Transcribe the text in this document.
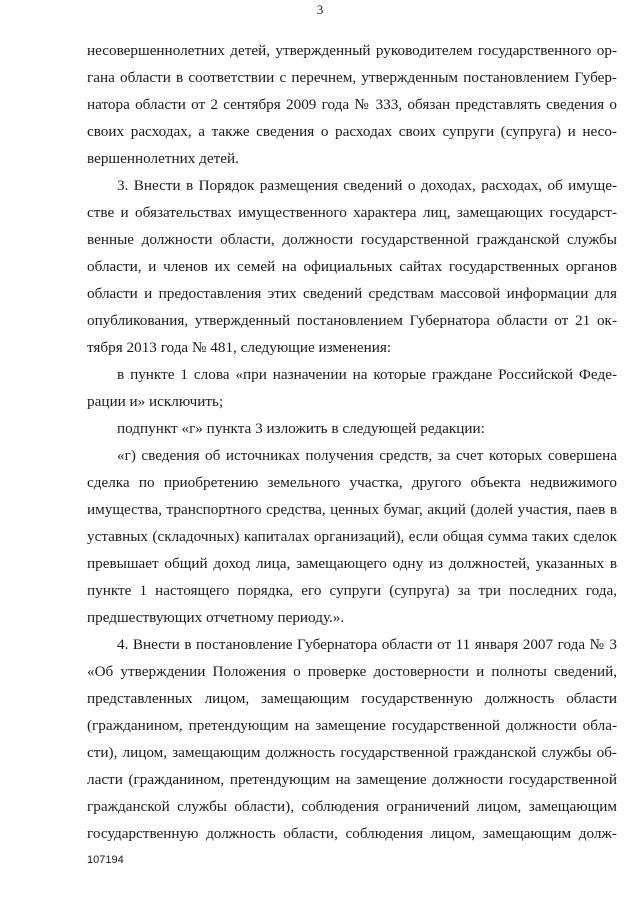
3
несовершеннолетних детей, утвержденный руководителем государственного ор-
гана области в соответствии с перечнем, утвержденным постановлением Губер-
натора области от 2 сентября 2009 года № 333, обязан представлять сведения о
своих расходах, а также сведения о расходах своих супруги (супруга) и несо-
вершеннолетних детей.
3. Внести в Порядок размещения сведений о доходах, расходах, об имуще-
стве и обязательствах имущественного характера лиц, замещающих государст-
венные должности области, должности государственной гражданской службы
области, и членов их семей на официальных сайтах государственных органов
области и предоставления этих сведений средствам массовой информации для
опубликования, утвержденный постановлением Губернатора области от 21 ок-
тября 2013 года № 481, следующие изменения:
в пункте 1 слова «при назначении на которые граждане Российской Феде-
рации и» исключить;
подпункт «г» пункта 3 изложить в следующей редакции:
«г) сведения об источниках получения средств, за счет которых совершена
сделка по приобретению земельного участка, другого объекта недвижимого
имущества, транспортного средства, ценных бумаг, акций (долей участия, паев в
уставных (складочных) капиталах организаций), если общая сумма таких сделок
превышает общий доход лица, замещающего одну из должностей, указанных в
пункте 1 настоящего порядка, его супруги (супруга) за три последних года,
предшествующих отчетному периоду.».
4. Внести в постановление Губернатора области от 11 января 2007 года № 3
«Об утверждении Положения о проверке достоверности и полноты сведений,
представленных лицом, замещающим государственную должность области
(гражданином, претендующим на замещение государственной должности обла-
сти), лицом, замещающим должность государственной гражданской службы об-
ласти (гражданином, претендующим на замещение должности государственной
гражданской службы области), соблюдения ограничений лицом, замещающим
государственную должность области, соблюдения лицом, замещающим долж-
107194
